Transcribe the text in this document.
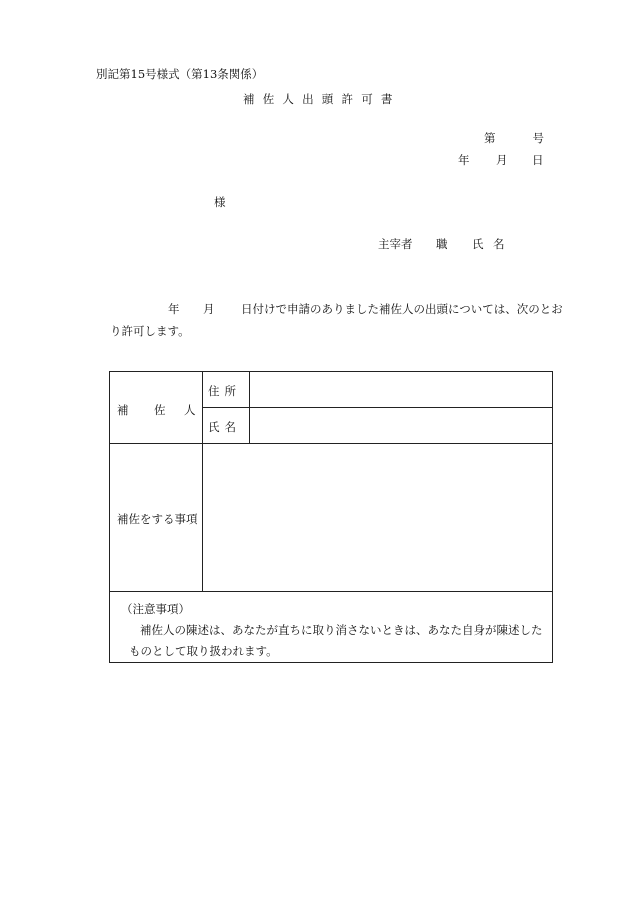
別記第15号様式（第13条関係）
補佐人出頭許可書
第	号
年	月	日
様
主宰者	職	氏 名
年	月	日付けで申請のありました補佐人の出頭については、次のとお
り許可します。
補	佐	人
住所
氏名
補佐をする事項
（注意事項）
補佐人の陳述は、あなたが直ちに取り消さないときは、あなた自身が陳述した
ものとして取り扱われます。
